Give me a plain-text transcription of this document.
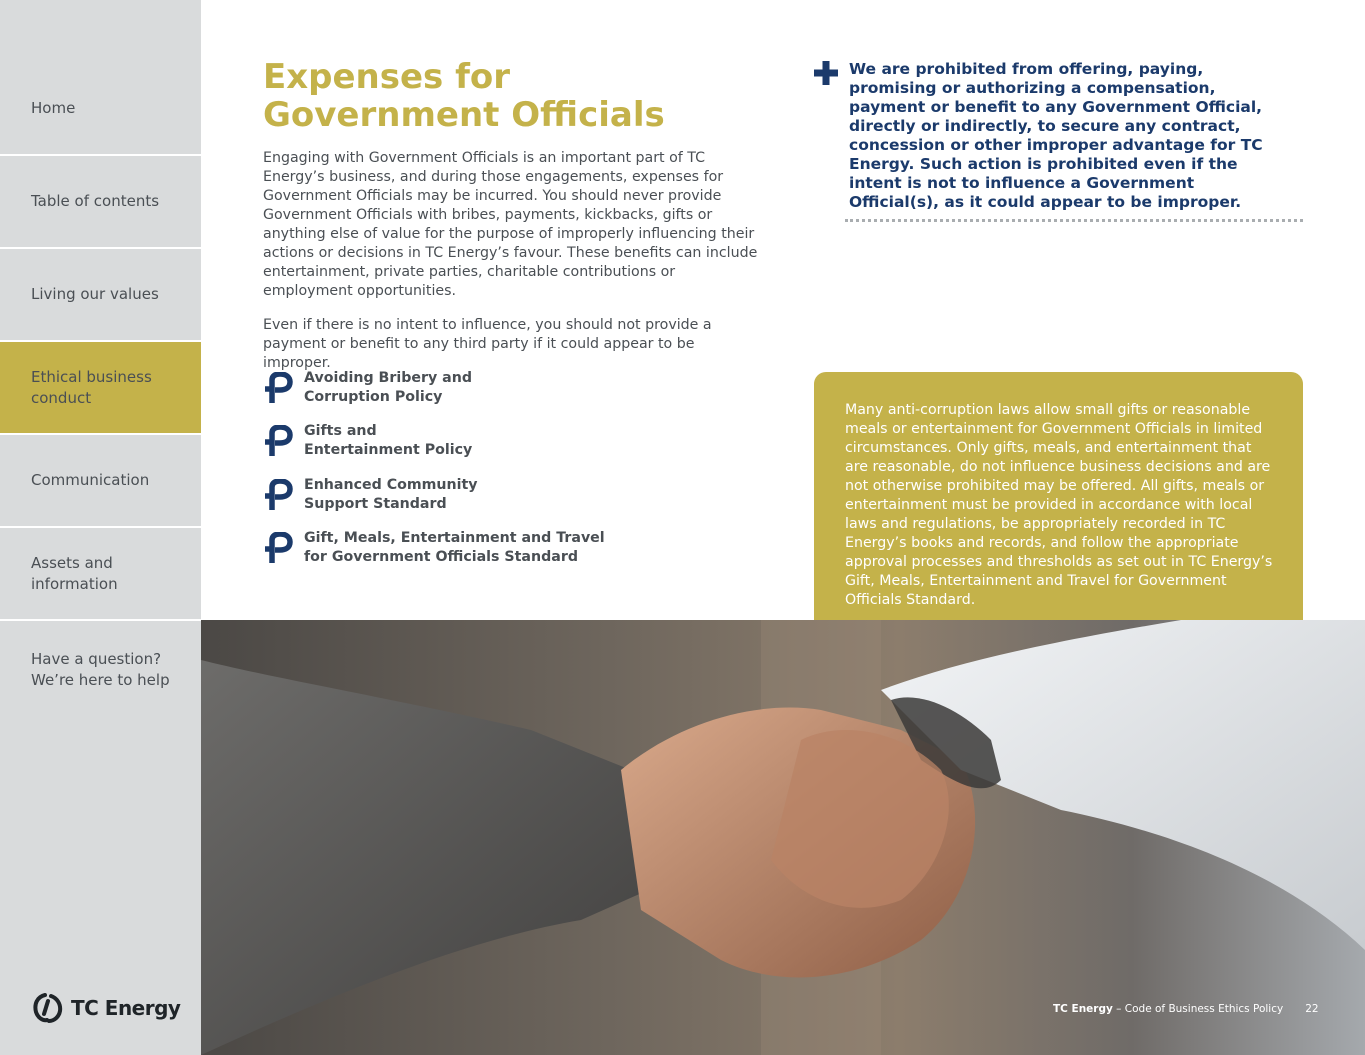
Home
Table of contents
Living our values
Ethical business
conduct
Communication
Assets and
information
Have a question?
We’re here to help
TC Energy
Expenses for
Government Officials

Engaging with Government Officials is an important part of TC Energy’s business, and during those engagements, expenses for Government Officials may be incurred. You should never provide Government Officials with bribes, payments, kickbacks, gifts or anything else of value for the purpose of improperly influencing their actions or decisions in TC Energy’s favour. These benefits can include entertainment, private parties, charitable contributions or employment opportunities.

Even if there is no intent to influence, you should not provide a payment or benefit to any third party if it could appear to be improper.

Avoiding Bribery and
Corruption Policy
Gifts and
Entertainment Policy
Enhanced Community
Support Standard
Gift, Meals, Entertainment and Travel
for Government Officials Standard

We are prohibited from offering, paying, promising or authorizing a compensation, payment or benefit to any Government Official, directly or indirectly, to secure any contract, concession or other improper advantage for TC Energy. Such action is prohibited even if the intent is not to influence a Government Official(s), as it could appear to be improper.

Many anti-corruption laws allow small gifts or reasonable meals or entertainment for Government Officials in limited circumstances. Only gifts, meals, and entertainment that are reasonable, do not influence business decisions and are not otherwise prohibited may be offered. All gifts, meals or entertainment must be provided in accordance with local laws and regulations, be appropriately recorded in TC Energy’s books and records, and follow the appropriate approval processes and thresholds as set out in TC Energy’s Gift, Meals, Entertainment and Travel for Government Officials Standard.

TC Energy – Code of Business Ethics Policy 22
